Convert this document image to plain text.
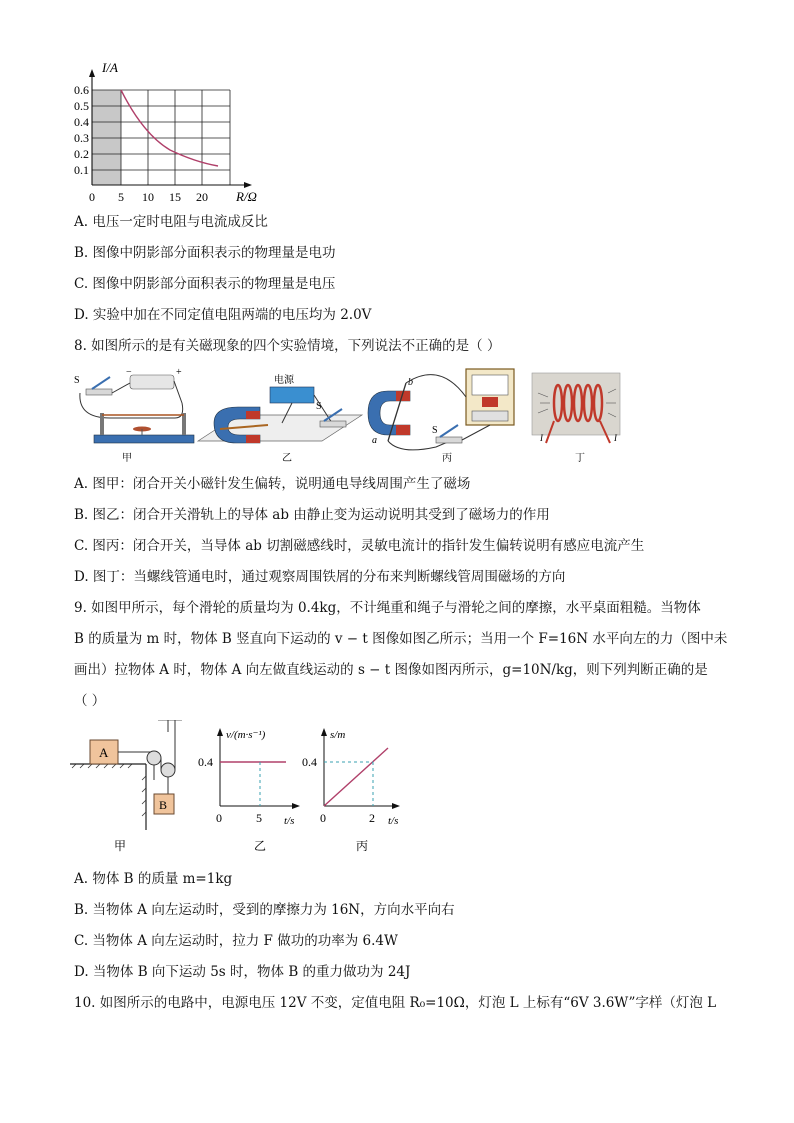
I/A
R/Ω
0.6
0.5
0.4
0.3
0.2
0.1
0 5 10 15 20
A. 电压一定时电阻与电流成反比
B. 图像中阴影部分面积表示的物理量是电功
C. 图像中阴影部分面积表示的物理量是电压
D. 实验中加在不同定值电阻两端的电压均为 2.0V
8. 如图所示的是有关磁现象的四个实验情境，下列说法不正确的是（ ）
S
−	+
甲
电源
S
乙
b
a
S
丙
I	I
丁
A. 图甲：闭合开关小磁针发生偏转，说明通电导线周围产生了磁场
B. 图乙：闭合开关滑轨上的导体 ab 由静止变为运动说明其受到了磁场力的作用
C. 图丙：闭合开关，当导体 ab 切割磁感线时，灵敏电流计的指针发生偏转说明有感应电流产生
D. 图丁：当螺线管通电时，通过观察周围铁屑的分布来判断螺线管周围磁场的方向
9. 如图甲所示，每个滑轮的质量均为 0.4kg，不计绳重和绳子与滑轮之间的摩擦，水平桌面粗糙。当物体
B 的质量为 m 时，物体 B 竖直向下运动的 v − t 图像如图乙所示；当用一个 F=16N 水平向左的力（图中未
画出）拉物体 A 时，物体 A 向左做直线运动的 s − t 图像如图丙所示，g=10N/kg，则下列判断正确的是
（ ）
A
B
甲
v/(m·s⁻¹)
0.4
0	5 t/s
乙
s/m
0.4
0	2 t/s
丙
A. 物体 B 的质量 m=1kg
B. 当物体 A 向左运动时，受到的摩擦力为 16N，方向水平向右
C. 当物体 A 向左运动时，拉力 F 做功的功率为 6.4W
D. 当物体 B 向下运动 5s 时，物体 B 的重力做功为 24J
10. 如图所示的电路中，电源电压 12V 不变，定值电阻 R₀=10Ω，灯泡 L 上标有“6V 3.6W”字样（灯泡 L
